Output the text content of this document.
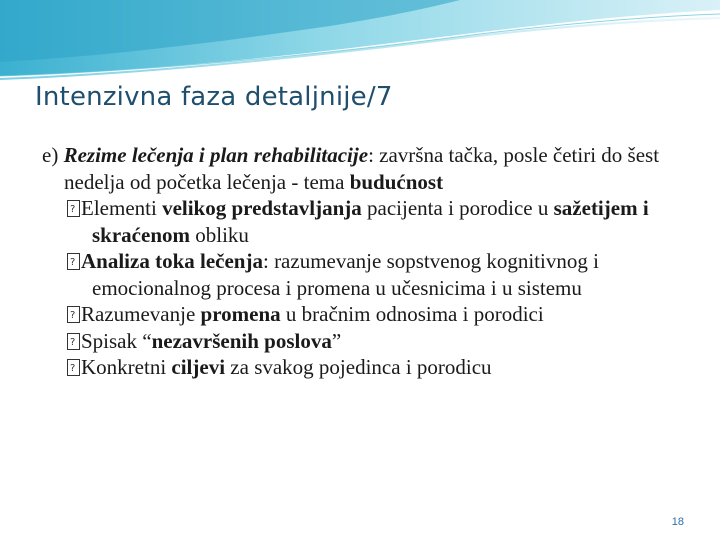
Intenzivna faza detaljnije/7

e) Rezime lečenja i plan rehabilitacije: završna tačka, posle četiri do šest nedelja od početka lečenja - tema budućnost

?Elementi velikog predstavljanja pacijenta i porodice u sažetijem i skraćenom obliku

?Analiza toka lečenja: razumevanje sopstvenog kognitivnog i emocionalnog procesa i promena u učesnicima i u sistemu

?Razumevanje promena u bračnim odnosima i porodici

?Spisak “nezavršenih poslova”

?Konkretni ciljevi za svakog pojedinca i porodicu

18
